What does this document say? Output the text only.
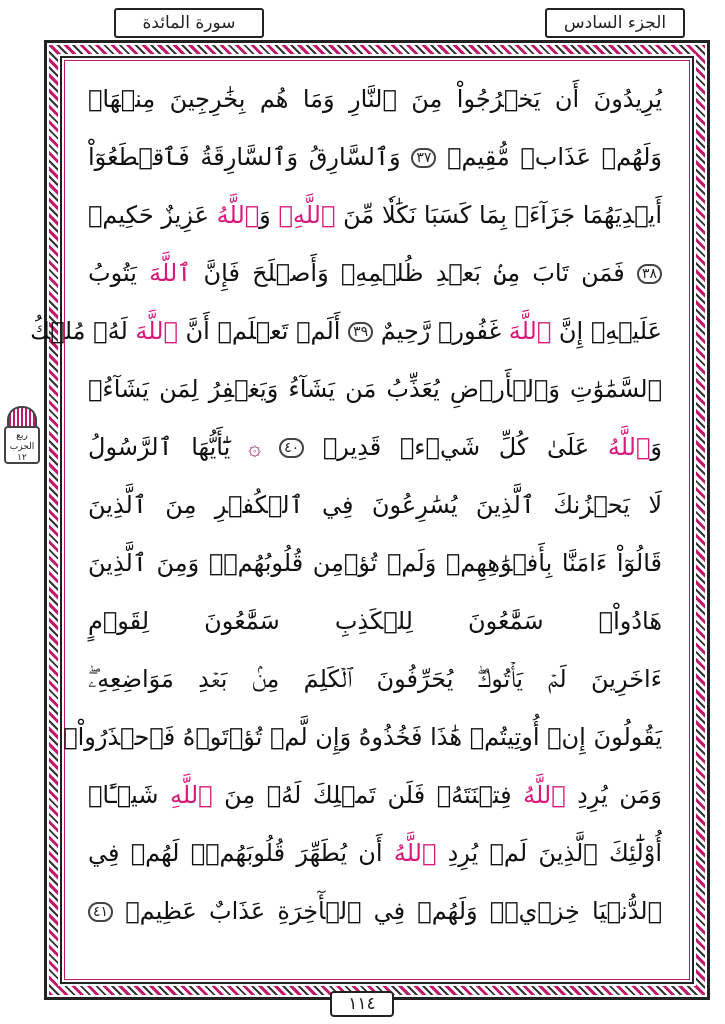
الجزء السادس
سورة المائدة
ربع
الحزب
١٢
يُرِيدُونَ أَن يَخۡرُجُواْ مِنَ ٱلنَّارِ وَمَا هُم بِخَٰرِجِينَ مِنۡهَاۖ
وَلَهُمۡ عَذَابٞ مُّقِيمٞ ٣٧ وَٱلسَّارِقُ وَٱلسَّارِقَةُ فَٱقۡطَعُوٓاْ
أَيۡدِيَهُمَا جَزَآءَۢ بِمَا كَسَبَا نَكَٰلٗا مِّنَ ٱللَّهِۗ وَٱللَّهُ عَزِيزٌ حَكِيمٞ
٣٨ فَمَن تَابَ مِنۢ بَعۡدِ ظُلۡمِهِۦ وَأَصۡلَحَ فَإِنَّ ٱللَّهَ يَتُوبُ
عَلَيۡهِۚ إِنَّ ٱللَّهَ غَفُورٞ رَّحِيمٌ ٣٩ أَلَمۡ تَعۡلَمۡ أَنَّ ٱللَّهَ لَهُۥ مُلۡكُ
ٱلسَّمَٰوَٰتِ وَٱلۡأَرۡضِ يُعَذِّبُ مَن يَشَآءُ وَيَغۡفِرُ لِمَن يَشَآءُۗ
وَٱللَّهُ عَلَىٰ كُلِّ شَيۡءٖ قَدِيرٞ ٤٠ ۞ يَٰٓأَيُّهَا ٱلرَّسُولُ
لَا يَحۡزُنكَ ٱلَّذِينَ يُسَٰرِعُونَ فِي ٱلۡكُفۡرِ مِنَ ٱلَّذِينَ
قَالُوٓاْ ءَامَنَّا بِأَفۡوَٰهِهِمۡ وَلَمۡ تُؤۡمِن قُلُوبُهُمۡۛ وَمِنَ ٱلَّذِينَ
هَادُواْۛ سَمَّٰعُونَ لِلۡكَذِبِ سَمَّٰعُونَ لِقَوۡمٍ
ءَاخَرِينَ لَمۡ يَأۡتُوكَۖ يُحَرِّفُونَ ٱلۡكَلِمَ مِنۢ بَعۡدِ مَوَاضِعِهِۦۖ
يَقُولُونَ إِنۡ أُوتِيتُمۡ هَٰذَا فَخُذُوهُ وَإِن لَّمۡ تُؤۡتَوۡهُ فَٱحۡذَرُواْۚ
وَمَن يُرِدِ ٱللَّهُ فِتۡنَتَهُۥ فَلَن تَمۡلِكَ لَهُۥ مِنَ ٱللَّهِ شَيۡـًٔاۚ
أُوْلَٰٓئِكَ ٱلَّذِينَ لَمۡ يُرِدِ ٱللَّهُ أَن يُطَهِّرَ قُلُوبَهُمۡۚ لَهُمۡ فِي
ٱلدُّنۡيَا خِزۡيٞۖ وَلَهُمۡ فِي ٱلۡأٓخِرَةِ عَذَابٌ عَظِيمٞ ٤١
١١٤
